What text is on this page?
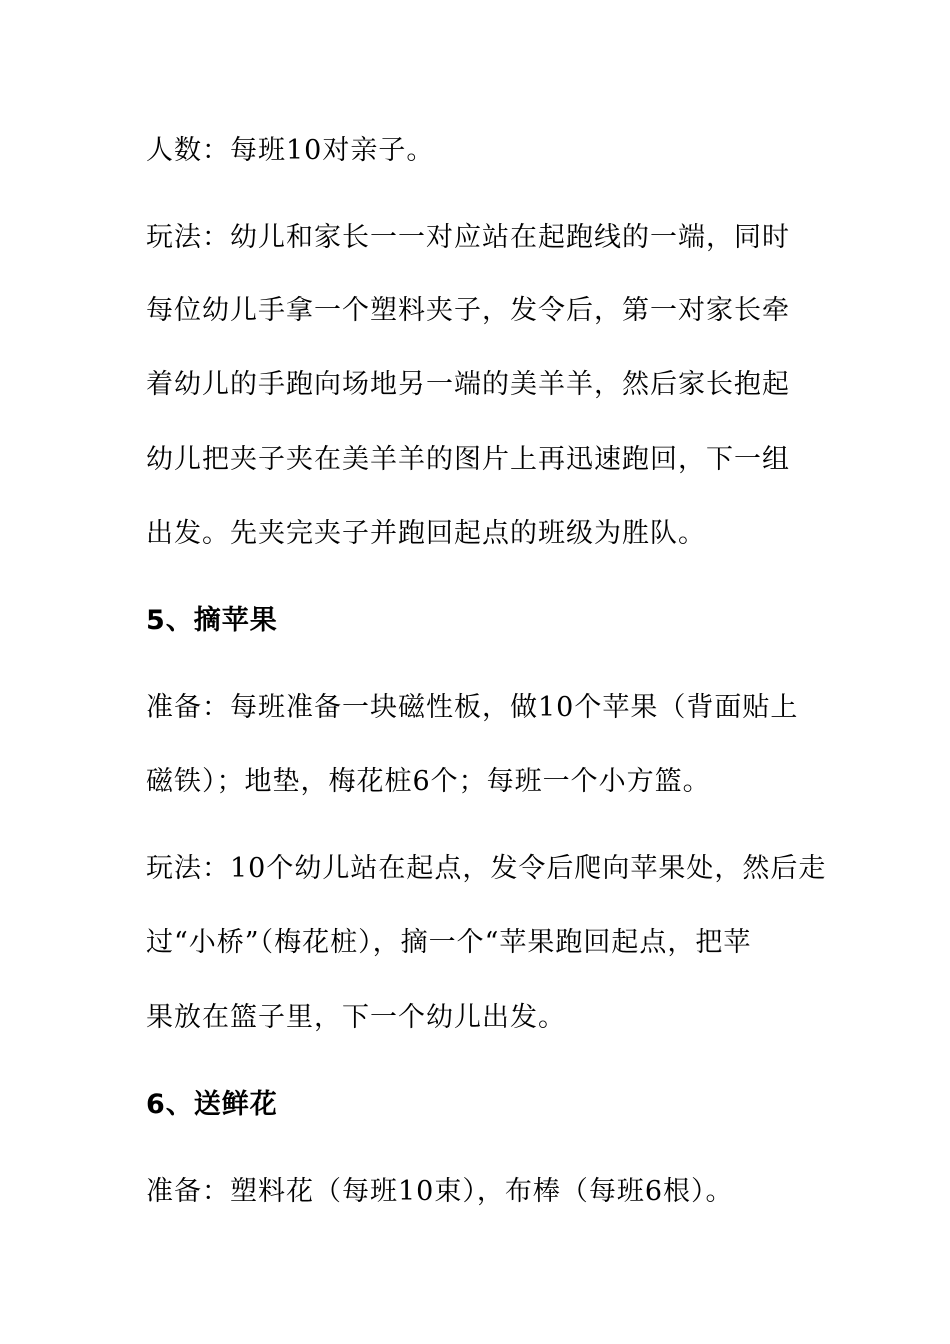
人数：每班10对亲子。
玩法：幼儿和家长一一对应站在起跑线的一端，同时
每位幼儿手拿一个塑料夹子，发令后，第一对家长牵
着幼儿的手跑向场地另一端的美羊羊，然后家长抱起
幼儿把夹子夹在美羊羊的图片上再迅速跑回，下一组
出发。先夹完夹子并跑回起点的班级为胜队。
5、摘苹果
准备：每班准备一块磁性板，做10个苹果（背面贴上
磁铁）；地垫，梅花桩6个；每班一个小方篮。
玩法：10个幼儿站在起点，发令后爬向苹果处，然后走
过“小桥”（梅花桩），摘一个“苹果跑回起点，把苹
果放在篮子里，下一个幼儿出发。
6、送鲜花
准备：塑料花（每班10束），布棒（每班6根）。
